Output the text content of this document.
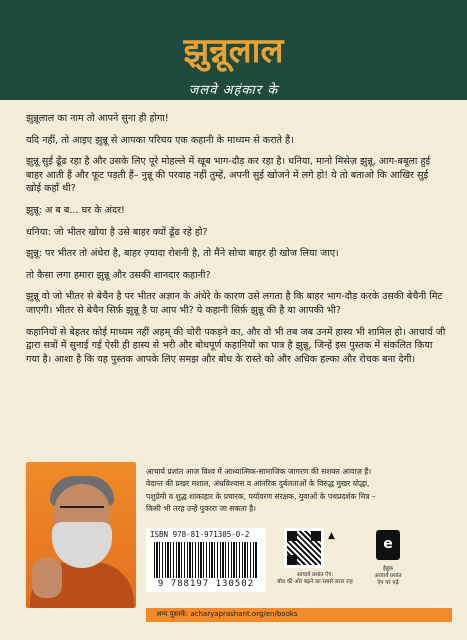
झुन्नूलाल
जलवे अहंकार के

झुन्नूलाल का नाम तो आपने सुना ही होगा!

यदि नहीं, तो आइए झुन्नू से आपका परिचय एक कहानी के माध्यम से कराते हैं।

झुन्नू सुई ढूँढ रहा है और उसके लिए पूरे मोहल्ले में खूब भाग-दौड़ कर रहा है। धनिया, मानो मिसेज़ झुन्नू, आग-बबूला हुई बाहर आती हैं और फूट पड़ती हैं– नुन्नू की परवाह नहीं तुम्हें, अपनी सुई खोजने में लगे हो! ये तो बताओ कि आखिर सुई खोई कहाँ थी?

झुन्नू: अ ब ब... घर के अंदर!

धनिया: जो भीतर खोया है उसे बाहर क्यों ढूँढ रहे हो?

झुन्नू: पर भीतर तो अंधेरा है, बाहर ज़्यादा रोशनी है, तो मैंने सोचा बाहर ही खोज लिया जाए।

तो कैसा लगा हमारा झुन्नू और उसकी शानदार कहानी?

झुन्नू वो जो भीतर से बेचैन है पर भीतर अज्ञान के अंधेरे के कारण उसे लगता है कि बाहर भाग-दौड़ करके उसकी बेचैनी मिट जाएगी। भीतर से बेचैन सिर्फ़ झुन्नू है या आप भी? ये कहानी सिर्फ़ झुन्नू की है या आपकी भी?

कहानियों से बेहतर कोई माध्यम नहीं अहम् की चोरी पकड़ने का, और वो भी तब जब उनमें हास्य भी शामिल हो। आचार्य जी द्वारा सत्रों में सुनाई गई ऐसी ही हास्य से भरी और बोधपूर्ण कहानियों का पात्र है झुन्नू, जिन्हें इस पुस्तक में संकलित किया गया है। आशा है कि यह पुस्तक आपके लिए समझ और बोध के रास्ते को और अधिक हल्का और रोचक बना देगी।

आचार्य प्रशांत आज विश्व में आध्यात्मिक-सामाजिक जागरण की सशक्त आवाज़ हैं।

वेदान्त की प्रखर मशाल, अंधविश्वास व आंतरिक दुर्बलताओं के विरुद्ध मुखर योद्धा,

पशुप्रेमी व शुद्ध शाकाहार के प्रचारक, पर्यावरण संरक्षक, युवाओं के पथप्रदर्शक मित्र –

किसी भी तरह उन्हें पुकारा जा सकता है।

ISBN 978-81-971305-0-2
9 788197 130502
▲
आचार्य प्रशांत ऐप:
बोध की ओर बढ़ने का सबसे सरल राह
e
ईबुक
आचार्य प्रशांत
ऐप पर पढ़ें
अन्य पुस्तकें: acharyaprashant.org/en/books
